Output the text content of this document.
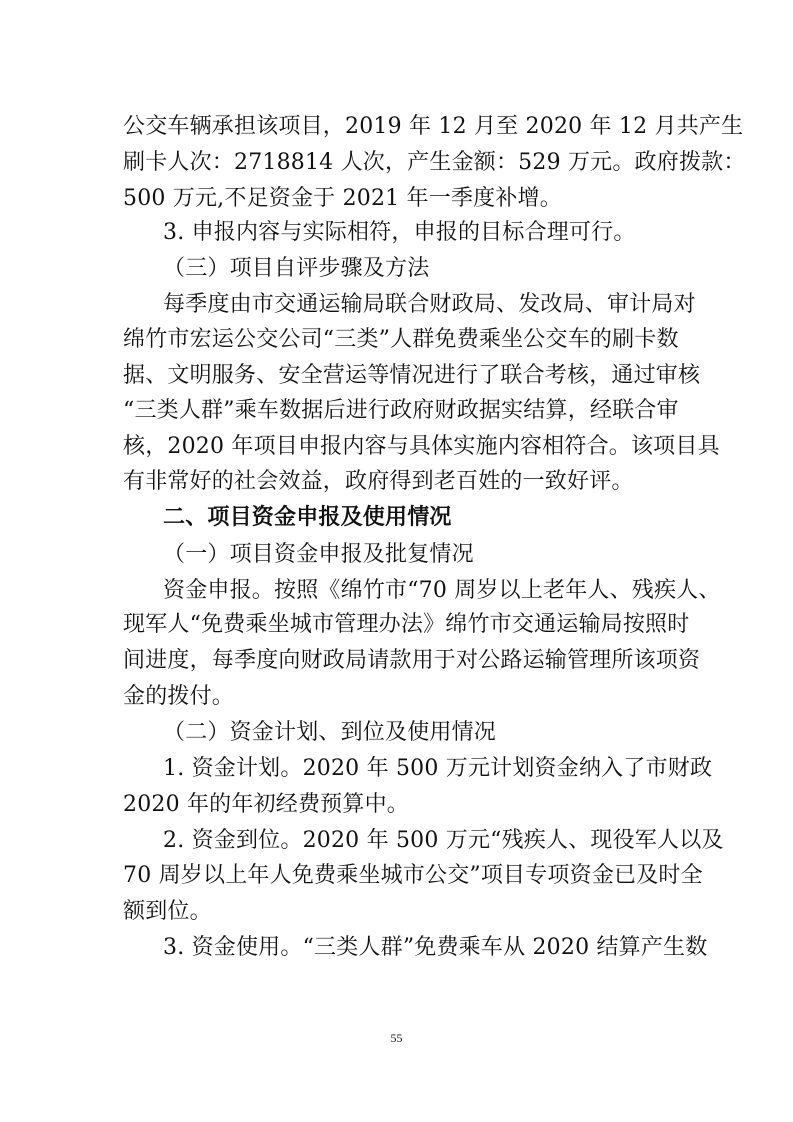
公交车辆承担该项目，2019 年 12 月至 2020 年 12 月共产生
刷卡人次：2718814 人次，产生金额：529 万元。政府拨款：
500 万元,不足资金于 2021 年一季度补增。
3. 申报内容与实际相符，申报的目标合理可行。
（三）项目自评步骤及方法
每季度由市交通运输局联合财政局、发改局、审计局对
绵竹市宏运公交公司“三类”人群免费乘坐公交车的刷卡数
据、文明服务、安全营运等情况进行了联合考核，通过审核
“三类人群”乘车数据后进行政府财政据实结算，经联合审
核，2020 年项目申报内容与具体实施内容相符合。该项目具
有非常好的社会效益，政府得到老百姓的一致好评。
二、项目资金申报及使用情况
（一）项目资金申报及批复情况
资金申报。按照《绵竹市“70 周岁以上老年人、残疾人、
现军人“免费乘坐城市管理办法》绵竹市交通运输局按照时
间进度，每季度向财政局请款用于对公路运输管理所该项资
金的拨付。
（二）资金计划、到位及使用情况
1. 资金计划。2020 年 500 万元计划资金纳入了市财政
2020 年的年初经费预算中。
2. 资金到位。2020 年 500 万元“残疾人、现役军人以及
70 周岁以上年人免费乘坐城市公交”项目专项资金已及时全
额到位。
3. 资金使用。“三类人群”免费乘车从 2020 结算产生数
55
